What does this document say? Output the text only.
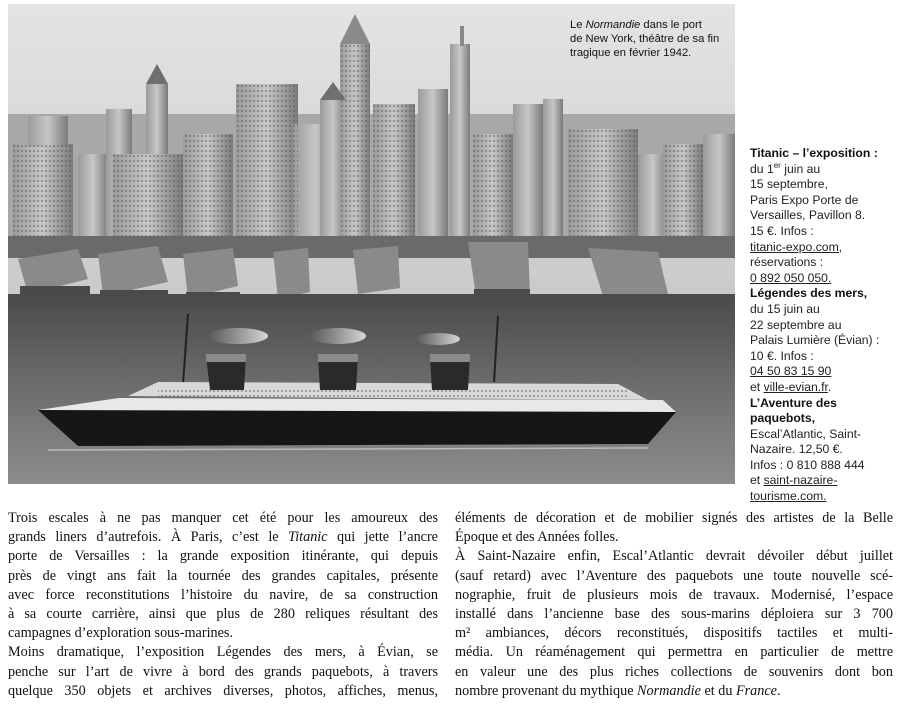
Le Normandie dans le port
de New York, théâtre de sa fin
tragique en février 1942.
Titanic – l’exposition :
du 1er juin au
15 septembre,
Paris Expo Porte de
Versailles, Pavillon 8.
15 €. Infos :
titanic-expo.com,
réservations :
0 892 050 050.
Légendes des mers,
du 15 juin au
22 septembre au
Palais Lumière (Évian) :
10 €. Infos :
04 50 83 15 90
et ville-evian.fr.
L’Aventure des
paquebots,
Escal’Atlantic, Saint-
Nazaire. 12,50 €.
Infos : 0 810 888 444
et saint-nazaire-
tourisme.com.
Trois escales à ne pas manquer cet été pour les amoureux des
grands liners d’autrefois. À Paris, c’est le Titanic qui jette l’ancre
porte de Versailles : la grande exposition itinérante, qui depuis
près de vingt ans fait la tournée des grandes capitales, présente
avec force reconstitutions l’histoire du navire, de sa construction
à sa courte carrière, ainsi que plus de 280 reliques résultant des
campagnes d’exploration sous-marines.
Moins dramatique, l’exposition Légendes des mers, à Évian, se
penche sur l’art de vivre à bord des grands paquebots, à travers
quelque 350 objets et archives diverses, photos, affiches, menus,
éléments de décoration et de mobilier signés des artistes de la Belle
Époque et des Années folles.
À Saint-Nazaire enfin, Escal’Atlantic devrait dévoiler début juillet
(sauf retard) avec l’Aventure des paquebots une toute nouvelle scé-
nographie, fruit de plusieurs mois de travaux. Modernisé, l’espace
installé dans l’ancienne base des sous-marins déploiera sur 3 700
m² ambiances, décors reconstitués, dispositifs tactiles et multi-
média. Un réaménagement qui permettra en particulier de mettre
en valeur une des plus riches collections de souvenirs dont bon
nombre provenant du mythique Normandie et du France.
